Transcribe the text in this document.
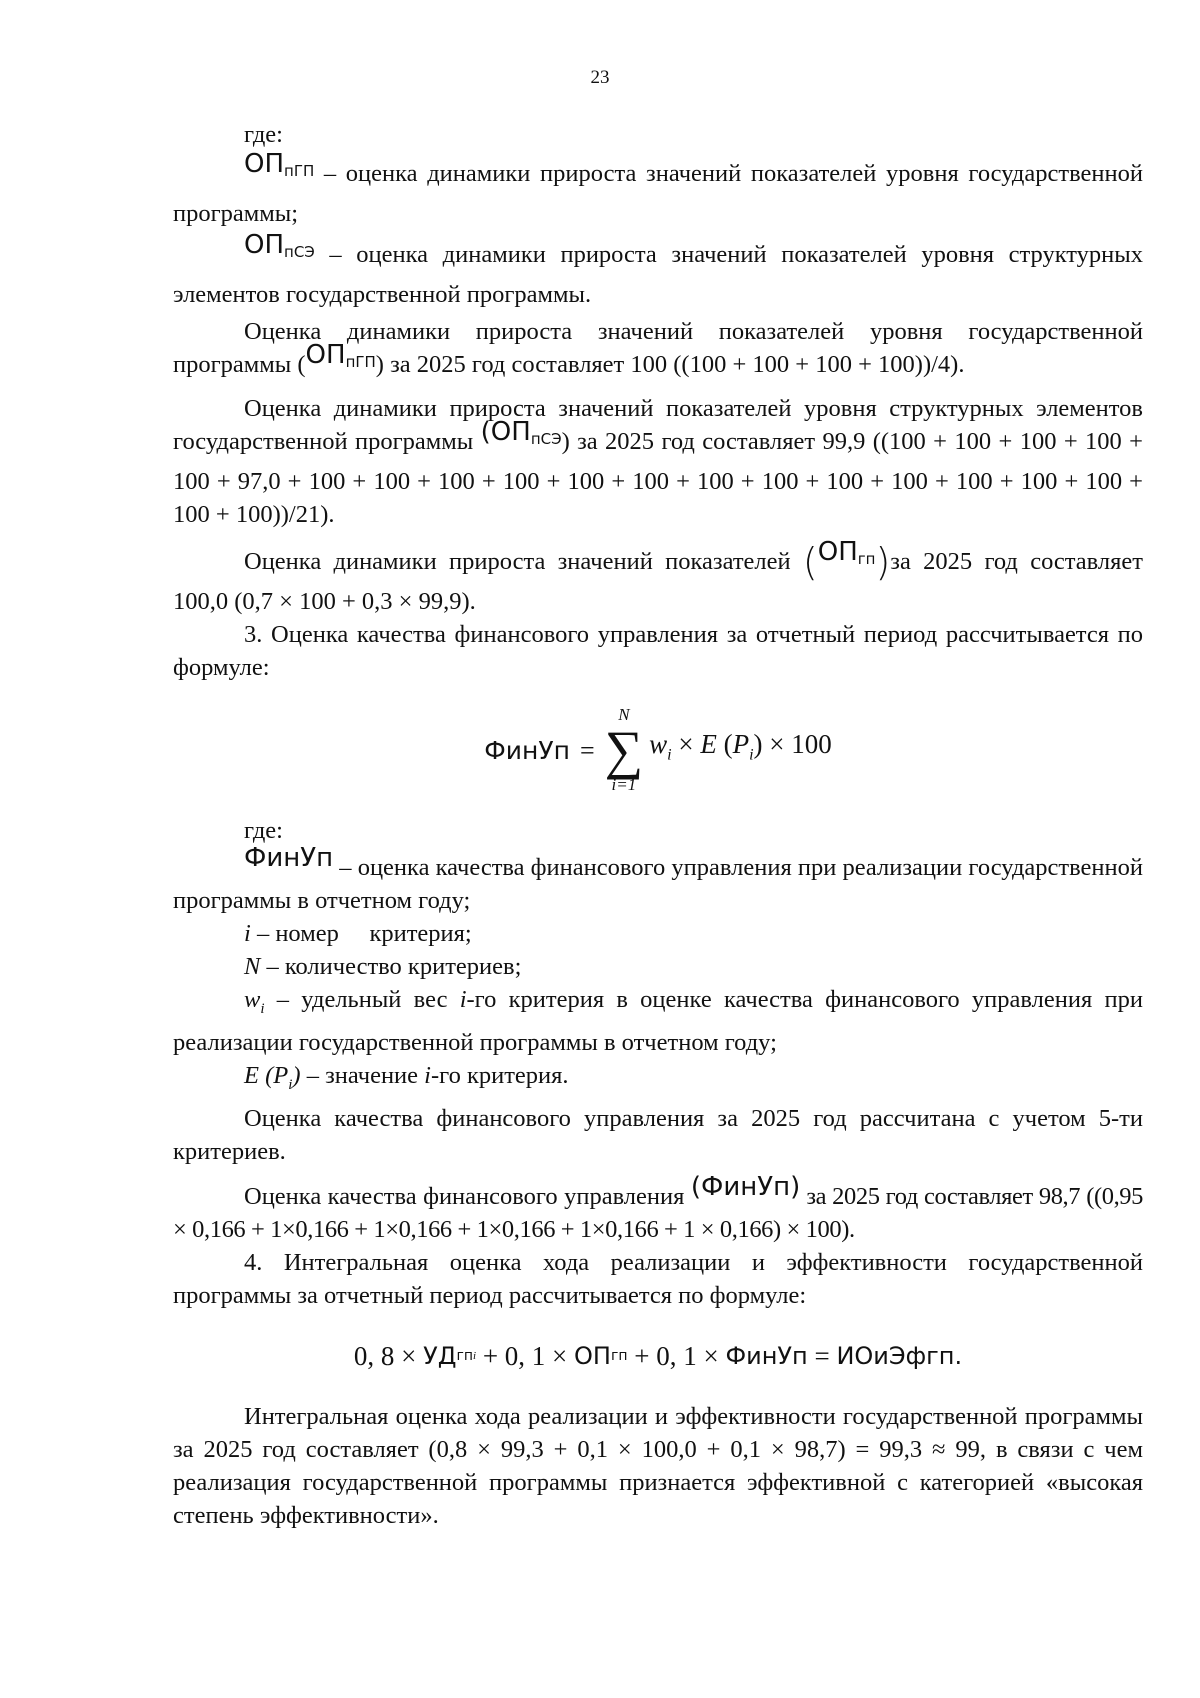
23

где:

$ОП_{пГП}$ – оценка динамики прироста значений показателей уровня государственной программы;

$ОП_{пСЭ}$ – оценка динамики прироста значений показателей уровня структурных элементов государственной программы.

Оценка динамики прироста значений показателей уровня государственной программы $(ОП_{пГП})$ за 2025 год составляет 100 ((100 + 100 + 100 + 100))/4).

Оценка динамики прироста значений показателей уровня структурных элементов государственной программы $(ОП_{пСЭ})$ за 2025 год составляет 99,9 ((100 + 100 + 100 + 100 + 100 + 97,0 + 100 + 100 + 100 + 100 + 100 + 100 + 100 + 100 + 100 + 100 + 100 + 100 + 100 + 100 + 100))/21).

Оценка динамики прироста значений показателей $(ОП_{гп})за$ 2025 год составляет 100,0 (0,7 × 100 + 0,3 × 99,9).

3. Оценка качества финансового управления за отчетный период рассчитывается по формуле:

ФинУп =
N
∑
i=1
$w_i \times E$ $(P_i) \times 100$

где:

ФинУп – оценка качества финансового управления при реализации государственной программы в отчетном году;

i – номер     критерия;

N – количество критериев;

$w_i$ – удельный вес i-го критерия в оценке качества финансового управления при реализации государственной программы в отчетном году;

E $(P_i)$ – значение i-го критерия.

Оценка качества финансового управления за 2025 год рассчитана с учетом 5-ти критериев.

Оценка качества финансового управления (ФинУп) за 2025 год составляет 98,7 ((0,95 × 0,166 + 1×0,166 + 1×0,166 + 1×0,166 + 1×0,166 + 1 × 0,166) × 100).

4. Интегральная оценка хода реализации и эффективности государственной программы за отчетный период рассчитывается по формуле:

0, 8 × УД гп i + 0, 1 × ОП гп + 0, 1 × ФинУп = ИОиЭфгп.

Интегральная оценка хода реализации и эффективности государственной программы за 2025 год составляет (0,8 × 99,3 + 0,1 × 100,0 + 0,1 × 98,7) = 99,3 ≈ 99, в связи с чем реализация государственной программы признается эффективной с категорией «высокая степень эффективности».
